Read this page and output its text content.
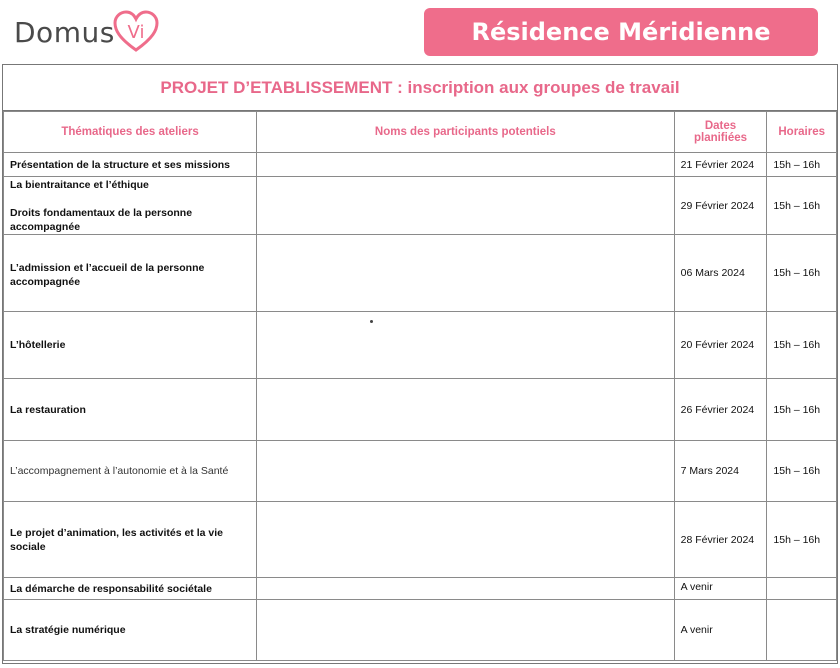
Domus Vi	Résidence Méridienne
PROJET D’ETABLISSEMENT : inscription aux groupes de travail
Thématiques des ateliers	Noms des participants potentiels	Dates planifiées	Horaires
Présentation de la structure et ses missions		21 Février 2024	15h – 16h
La bientraitance et l’éthique
Droits fondamentaux de la personne accompagnée		29 Février 2024	15h – 16h
L’admission et l’accueil de la personne accompagnée		06 Mars 2024	15h – 16h
L’hôtellerie		20 Février 2024	15h – 16h
La restauration		26 Février 2024	15h – 16h
L’accompagnement à l’autonomie et à la Santé		7 Mars 2024	15h – 16h
Le projet d’animation, les activités et la vie sociale		28 Février 2024	15h – 16h
La démarche de responsabilité sociétale		A venir	
La stratégie numérique		A venir	
